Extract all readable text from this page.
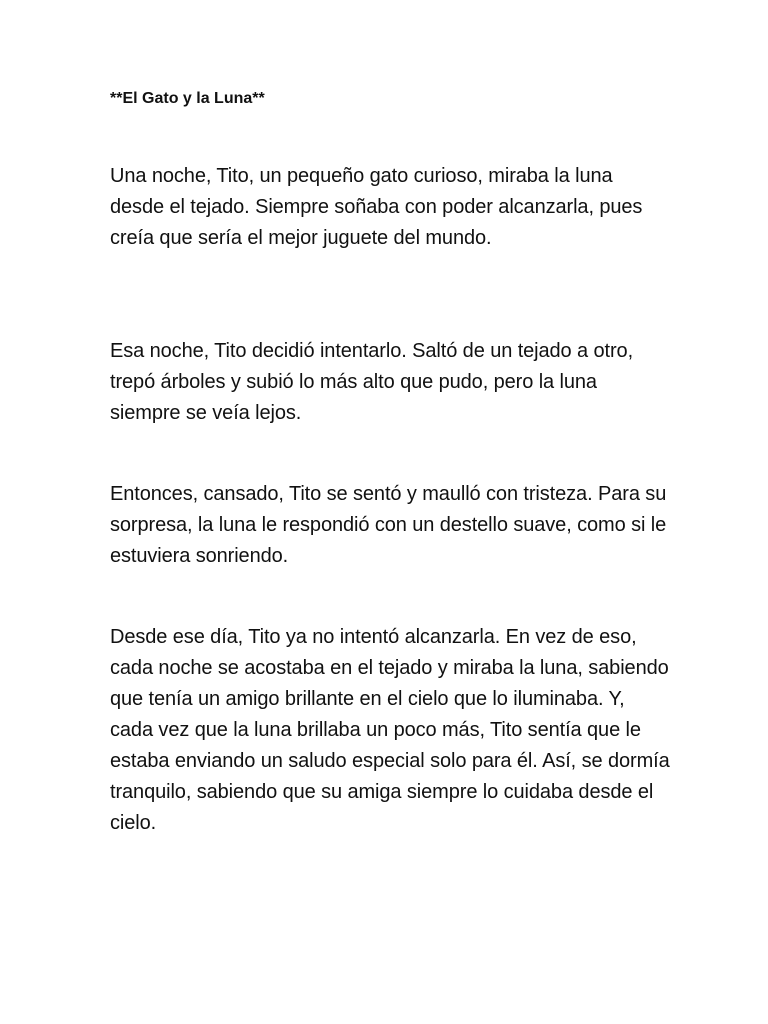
**El Gato y la Luna**

Una noche, Tito, un pequeño gato curioso, miraba la luna desde el tejado. Siempre soñaba con poder alcanzarla, pues creía que sería el mejor juguete del mundo.

Esa noche, Tito decidió intentarlo. Saltó de un tejado a otro, trepó árboles y subió lo más alto que pudo, pero la luna siempre se veía lejos.

Entonces, cansado, Tito se sentó y maulló con tristeza. Para su sorpresa, la luna le respondió con un destello suave, como si le estuviera sonriendo.

Desde ese día, Tito ya no intentó alcanzarla. En vez de eso, cada noche se acostaba en el tejado y miraba la luna, sabiendo que tenía un amigo brillante en el cielo que lo iluminaba. Y, cada vez que la luna brillaba un poco más, Tito sentía que le estaba enviando un saludo especial solo para él. Así, se dormía tranquilo, sabiendo que su amiga siempre lo cuidaba desde el cielo.
